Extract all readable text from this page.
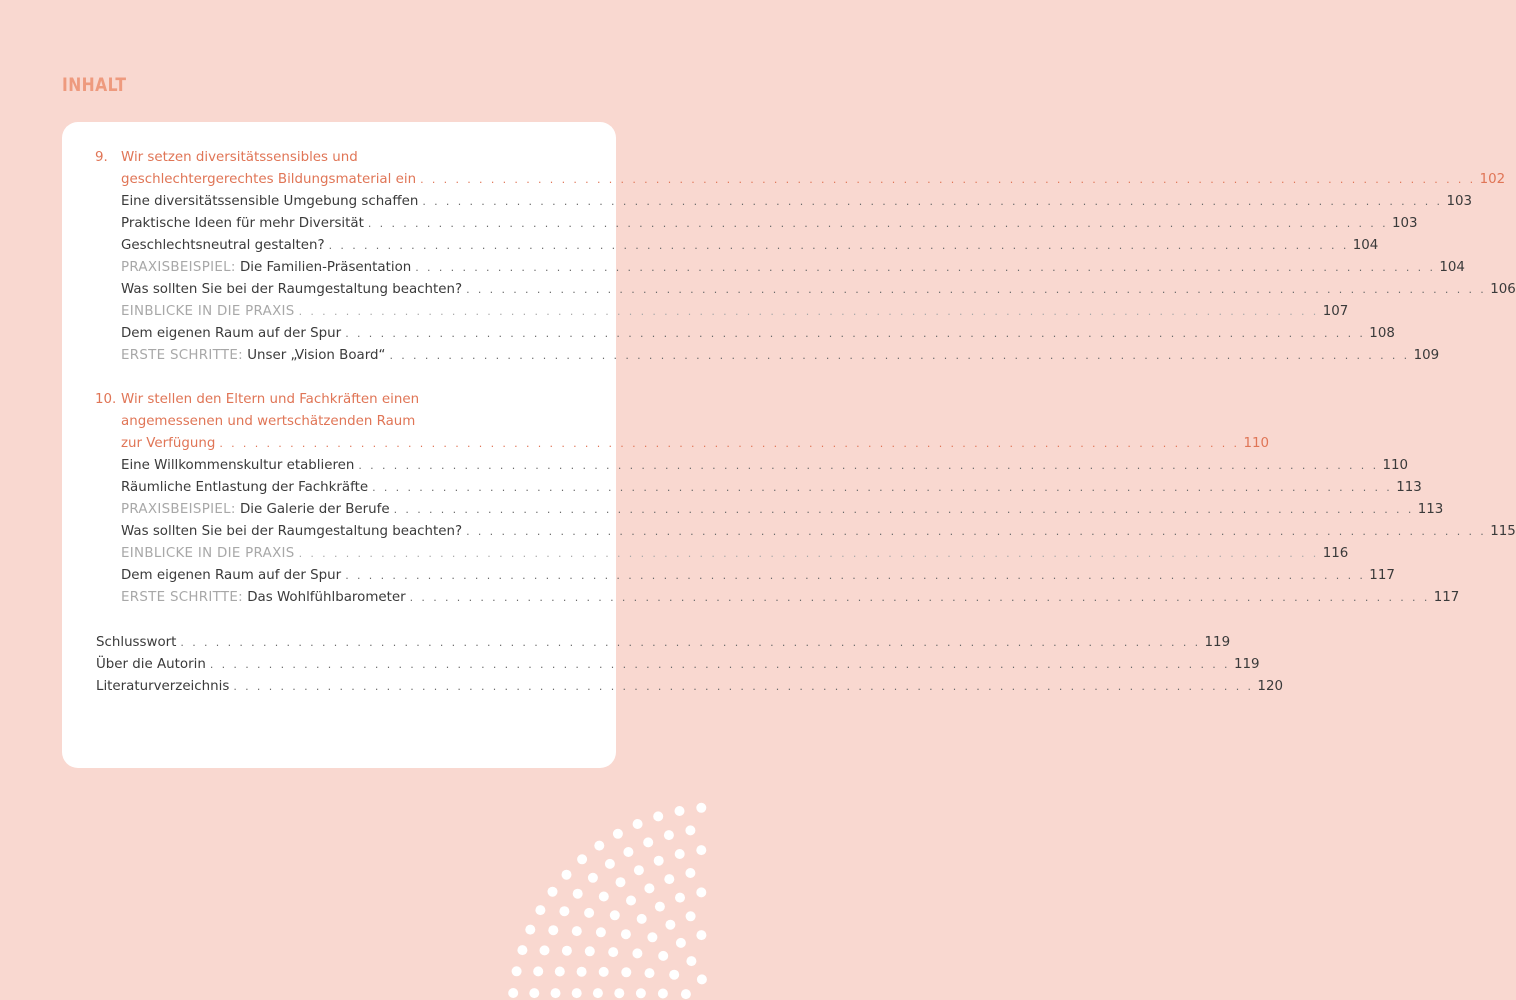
INHALT
9. Wir setzen diversitätssensibles und
geschlechtergerechtes Bildungsmaterial ein . . . . . . . . . . . . . . . . . . . . . . . . . . . . . . . . . . . . . . . . . . . . . . . . . . . . . . . . . . . . . . . . . . . . . . . . . . . . . . . . . . . . . . . . . . 102
Eine diversitätssensible Umgebung schaffen . . . . . . . . . . . . . . . . . . . . . . . . . . . . . . . . . . . . . . . . . . . . . . . . . . . . . . . . . . . . . . . . . . . . . . . . . . . . . . . . . . . . . . . 103
Praktische Ideen für mehr Diversität . . . . . . . . . . . . . . . . . . . . . . . . . . . . . . . . . . . . . . . . . . . . . . . . . . . . . . . . . . . . . . . . . . . . . . . . . . . . . . . . . . . . . . . 103
Geschlechtsneutral gestalten? . . . . . . . . . . . . . . . . . . . . . . . . . . . . . . . . . . . . . . . . . . . . . . . . . . . . . . . . . . . . . . . . . . . . . . . . . . . . . . . . . . . . . . . 104
PRAXISBEISPIEL: Die Familien-Präsentation . . . . . . . . . . . . . . . . . . . . . . . . . . . . . . . . . . . . . . . . . . . . . . . . . . . . . . . . . . . . . . . . . . . . . . . . . . . . . . . . . . . . . . . 104
Was sollten Sie bei der Raumgestaltung beachten? . . . . . . . . . . . . . . . . . . . . . . . . . . . . . . . . . . . . . . . . . . . . . . . . . . . . . . . . . . . . . . . . . . . . . . . . . . . . . . . . . . . . . . . 106
EINBLICKE IN DIE PRAXIS . . . . . . . . . . . . . . . . . . . . . . . . . . . . . . . . . . . . . . . . . . . . . . . . . . . . . . . . . . . . . . . . . . . . . . . . . . . . . . . . . . . . . . . 107
Dem eigenen Raum auf der Spur . . . . . . . . . . . . . . . . . . . . . . . . . . . . . . . . . . . . . . . . . . . . . . . . . . . . . . . . . . . . . . . . . . . . . . . . . . . . . . . . . . . . . . . 108
ERSTE SCHRITTE: Unser „Vision Board“ . . . . . . . . . . . . . . . . . . . . . . . . . . . . . . . . . . . . . . . . . . . . . . . . . . . . . . . . . . . . . . . . . . . . . . . . . . . . . . . . . . . . . . . 109
10. Wir stellen den Eltern und Fachkräften einen
angemessenen und wertschätzenden Raum
zur Verfügung . . . . . . . . . . . . . . . . . . . . . . . . . . . . . . . . . . . . . . . . . . . . . . . . . . . . . . . . . . . . . . . . . . . . . . . . . . . . . . . . . . . . . . . 110
Eine Willkommenskultur etablieren . . . . . . . . . . . . . . . . . . . . . . . . . . . . . . . . . . . . . . . . . . . . . . . . . . . . . . . . . . . . . . . . . . . . . . . . . . . . . . . . . . . . . . . 110
Räumliche Entlastung der Fachkräfte . . . . . . . . . . . . . . . . . . . . . . . . . . . . . . . . . . . . . . . . . . . . . . . . . . . . . . . . . . . . . . . . . . . . . . . . . . . . . . . . . . . . . . . 113
PRAXISBEISPIEL: Die Galerie der Berufe . . . . . . . . . . . . . . . . . . . . . . . . . . . . . . . . . . . . . . . . . . . . . . . . . . . . . . . . . . . . . . . . . . . . . . . . . . . . . . . . . . . . . . . 113
Was sollten Sie bei der Raumgestaltung beachten? . . . . . . . . . . . . . . . . . . . . . . . . . . . . . . . . . . . . . . . . . . . . . . . . . . . . . . . . . . . . . . . . . . . . . . . . . . . . . . . . . . . . . . . 115
EINBLICKE IN DIE PRAXIS . . . . . . . . . . . . . . . . . . . . . . . . . . . . . . . . . . . . . . . . . . . . . . . . . . . . . . . . . . . . . . . . . . . . . . . . . . . . . . . . . . . . . . . 116
Dem eigenen Raum auf der Spur . . . . . . . . . . . . . . . . . . . . . . . . . . . . . . . . . . . . . . . . . . . . . . . . . . . . . . . . . . . . . . . . . . . . . . . . . . . . . . . . . . . . . . . 117
ERSTE SCHRITTE: Das Wohlfühlbarometer . . . . . . . . . . . . . . . . . . . . . . . . . . . . . . . . . . . . . . . . . . . . . . . . . . . . . . . . . . . . . . . . . . . . . . . . . . . . . . . . . . . . . . . 117
Schlusswort . . . . . . . . . . . . . . . . . . . . . . . . . . . . . . . . . . . . . . . . . . . . . . . . . . . . . . . . . . . . . . . . . . . . . . . . . . . . . . . . . . . . . . . 119
Über die Autorin . . . . . . . . . . . . . . . . . . . . . . . . . . . . . . . . . . . . . . . . . . . . . . . . . . . . . . . . . . . . . . . . . . . . . . . . . . . . . . . . . . . . . . . 119
Literaturverzeichnis . . . . . . . . . . . . . . . . . . . . . . . . . . . . . . . . . . . . . . . . . . . . . . . . . . . . . . . . . . . . . . . . . . . . . . . . . . . . . . . . . . . . . . . 120
